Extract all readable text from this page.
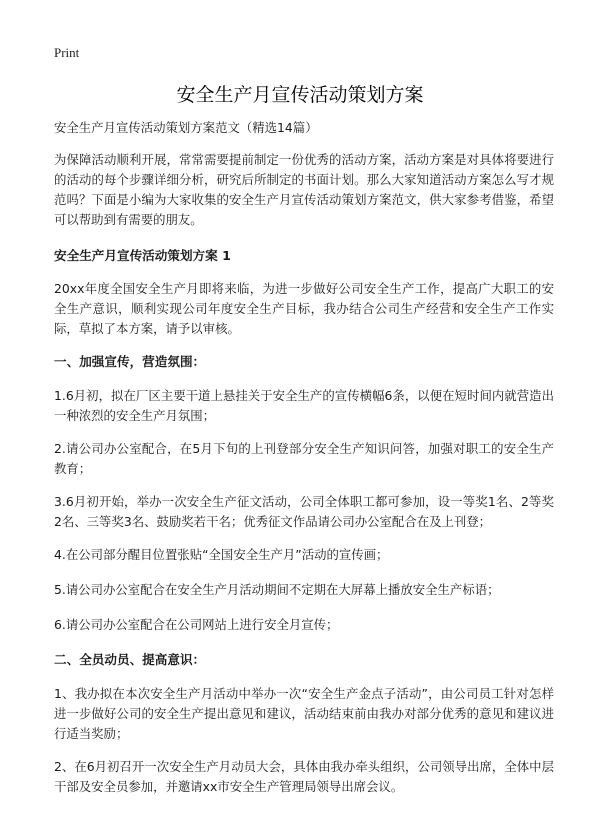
Print
安全生产月宣传活动策划方案

安全生产月宣传活动策划方案范文（精选14篇）

为保障活动顺利开展，常常需要提前制定一份优秀的活动方案，活动方案是对具体将要进行的活动的每个步骤详细分析，研究后所制定的书面计划。那么大家知道活动方案怎么写才规范吗？下面是小编为大家收集的安全生产月宣传活动策划方案范文，供大家参考借鉴，希望可以帮助到有需要的朋友。

安全生产月宣传活动策划方案 1

20xx年度全国安全生产月即将来临，为进一步做好公司安全生产工作，提高广大职工的安全生产意识，顺利实现公司年度安全生产目标，我办结合公司生产经营和安全生产工作实际，草拟了本方案，请予以审核。

一、加强宣传，营造氛围：

1.6月初，拟在厂区主要干道上悬挂关于安全生产的宣传横幅6条，以便在短时间内就营造出一种浓烈的安全生产月氛围；

2.请公司办公室配合，在5月下旬的上刊登部分安全生产知识问答，加强对职工的安全生产教育；

3.6月初开始，举办一次安全生产征文活动，公司全体职工都可参加，设一等奖1名、2等奖2名、三等奖3名、鼓励奖若干名；优秀征文作品请公司办公室配合在及上刊登；

4.在公司部分醒目位置张贴“全国安全生产月”活动的宣传画；

5.请公司办公室配合在安全生产月活动期间不定期在大屏幕上播放安全生产标语；

6.请公司办公室配合在公司网站上进行安全月宣传；

二、全员动员、提高意识：

1、我办拟在本次安全生产月活动中举办一次“安全生产金点子活动”，由公司员工针对怎样进一步做好公司的安全生产提出意见和建议，活动结束前由我办对部分优秀的意见和建议进行适当奖励；

2、在6月初召开一次安全生产月动员大会，具体由我办牵头组织，公司领导出席，全体中层干部及安全员参加，并邀请xx市安全生产管理局领导出席会议。
